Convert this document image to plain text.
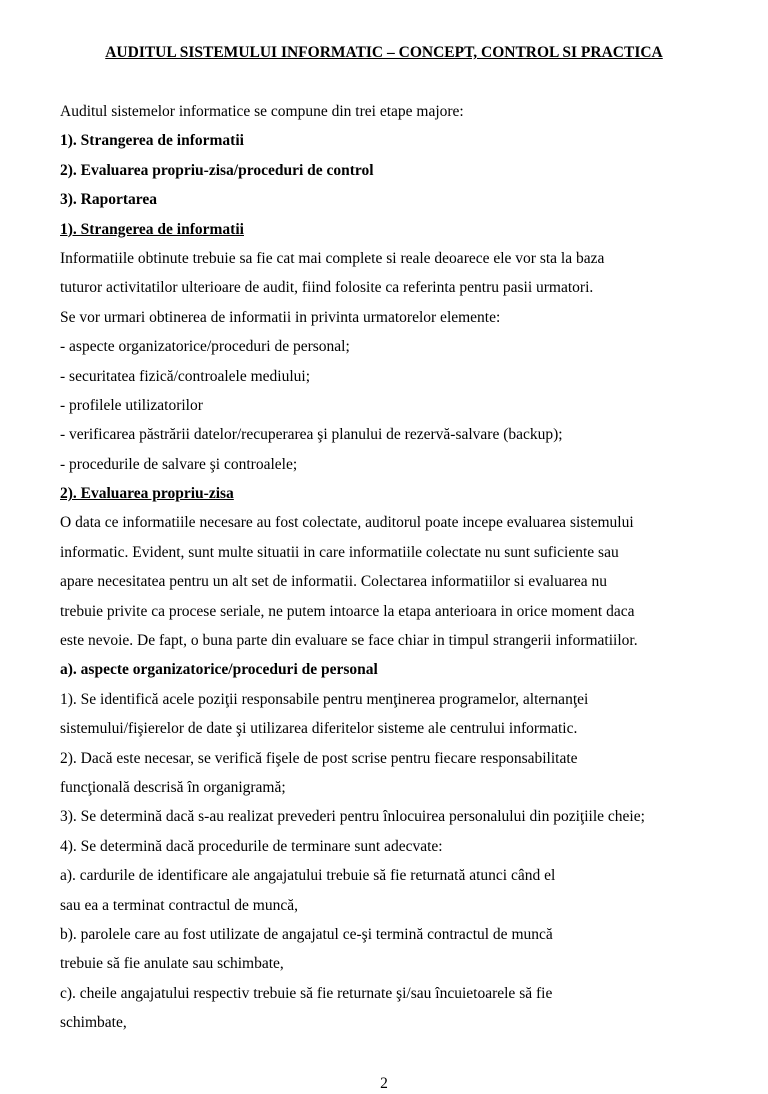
AUDITUL SISTEMULUI INFORMATIC – CONCEPT, CONTROL SI PRACTICA
Auditul sistemelor informatice se compune din trei etape majore:
1). Strangerea de informatii
2). Evaluarea propriu-zisa/proceduri de control
3). Raportarea
1). Strangerea de informatii
Informatiile obtinute trebuie sa fie cat mai complete si reale deoarece ele vor sta la baza
tuturor activitatilor ulterioare de audit, fiind folosite ca referinta pentru pasii urmatori.
Se vor urmari obtinerea de informatii in privinta urmatorelor elemente:
- aspecte organizatorice/proceduri de personal;
- securitatea fizică/controalele mediului;
- profilele utilizatorilor
- verificarea păstrării datelor/recuperarea şi planului de rezervă-salvare (backup);
- procedurile de salvare şi controalele;
2). Evaluarea propriu-zisa
O data ce informatiile necesare au fost colectate, auditorul poate incepe evaluarea sistemului
informatic. Evident, sunt multe situatii in care informatiile colectate nu sunt suficiente sau
apare necesitatea pentru un alt set de informatii. Colectarea informatiilor si evaluarea nu
trebuie privite ca procese seriale, ne putem intoarce la etapa anterioara in orice moment daca
este nevoie. De fapt, o buna parte din evaluare se face chiar in timpul strangerii informatiilor.
a). aspecte organizatorice/proceduri de personal
1). Se identifică acele poziţii responsabile pentru menţinerea programelor, alternanţei
sistemului/fişierelor de date şi utilizarea diferitelor sisteme ale centrului informatic.
2). Dacă este necesar, se verifică fişele de post scrise pentru fiecare responsabilitate
funcţională descrisă în organigramă;
3). Se determină dacă s-au realizat prevederi pentru înlocuirea personalului din poziţiile cheie;
4). Se determină dacă procedurile de terminare sunt adecvate:
a). cardurile de identificare ale angajatului trebuie să fie returnată atunci când el
sau ea a terminat contractul de muncă,
b). parolele care au fost utilizate de angajatul ce-şi termină contractul de muncă
trebuie să fie anulate sau schimbate,
c). cheile angajatului respectiv trebuie să fie returnate şi/sau încuietoarele să fie
schimbate,
2
